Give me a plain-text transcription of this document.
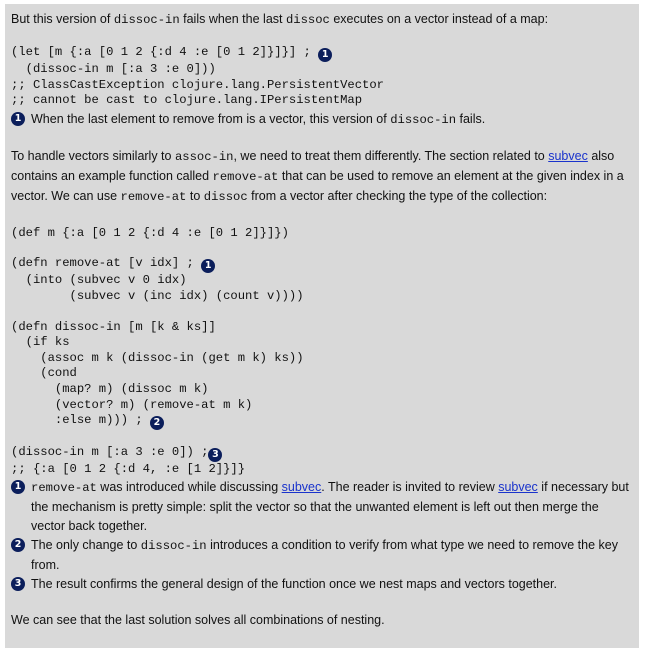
But this version of dissoc-in fails when the last dissoc executes on a vector instead of a map:

(let [m {:a [0 1 2 {:d 4 :e [0 1 2]}]}] ; 1
(dissoc-in m [:a 3 :e 0]))
;; ClassCastException clojure.lang.PersistentVector
;; cannot be cast to clojure.lang.IPersistentMap

1 When the last element to remove from is a vector, this version of dissoc-in fails.

To handle vectors similarly to assoc-in, we need to treat them differently. The section related to subvec also contains an example function called remove-at that can be used to remove an element at the given index in a vector. We can use remove-at to dissoc from a vector after checking the type of the collection:

(def m {:a [0 1 2 {:d 4 :e [0 1 2]}]})
(defn remove-at [v idx] ; 1
(into (subvec v 0 idx)
(subvec v (inc idx) (count v))))
(defn dissoc-in [m [k & ks]]
(if ks
(assoc m k (dissoc-in (get m k) ks))
(cond
(map? m) (dissoc m k)
(vector? m) (remove-at m k)
:else m))) ; 2
(dissoc-in m [:a 3 :e 0]) ; 3
;; {:a [0 1 2 {:d 4, :e [1 2]}]}

1 remove-at was introduced while discussing subvec. The reader is invited to review subvec if necessary but the mechanism is pretty simple: split the vector so that the unwanted element is left out then merge the vector back together.

2 The only change to dissoc-in introduces a condition to verify from what type we need to remove the key from.

3 The result confirms the general design of the function once we nest maps and vectors together.

We can see that the last solution solves all combinations of nesting.
